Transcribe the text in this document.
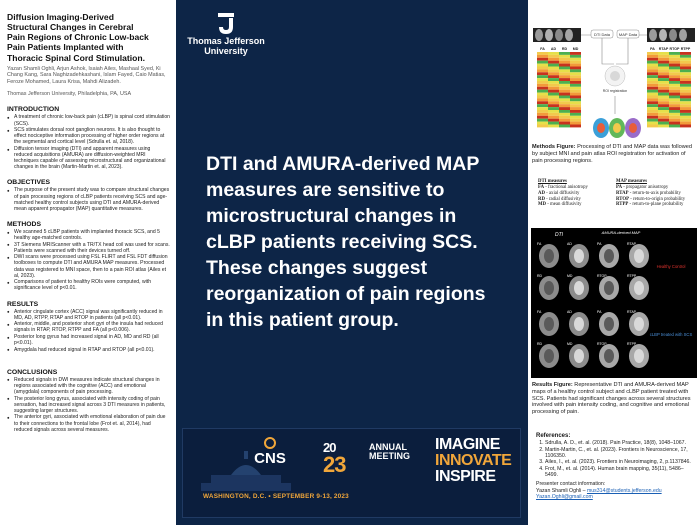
Diffusion Imaging-Derived
Structural Changes in Cerebral
Pain Regions of Chronic Low-back
Pain Patients Implanted with
Thoracic Spinal Cord Stimulation.
Yazan Shamli Oghli, Arjun Ashok, Isaiah Ailes, Mashaal Syed, Ki Chang Kang, Sara Naghizadehkashani, Islam Fayed, Caio Matias, Feroze Mohamed, Laura Krisa, Mahdi Alizadeh.
Thomas Jefferson University, Philadelphia, PA, USA
INTRODUCTION
● A treatment of chronic low-back pain (cLBP) is spinal cord stimulation (SCS).
● SCS stimulates dorsal root ganglion neurons. It is also thought to effect nociceptive information processing of higher order regions at the segmental and cortical level (Sdrulla et. al, 2018).
● Diffusion tensor imaging (DTI) and apparent measures using reduced acquisitions (AMURA) are diffusion-weighted MRI techniques capable of assessing microstructural and organizational changes in the brain (Martin-Martin et. al, 2023).
OBJECTIVES
● The purpose of the present study was to compare structural changes of pain processing regions of cLBP patients receiving SCS and age-matched healthy control subjects using DTI and AMURA-derived mean apparent propagator (MAP) quantitative measures.
METHODS
● We scanned 5 cLBP patients with implanted thoracic SCS, and 5 healthy age-matched controls.
● 3T Siemens MRIScanner with a TR/TX head coil was used for scans. Patients were scanned with their devices turned off.
● DWI scans were processed using FSL FLIRT and FSL FDT diffusion toolboxes to compute DTI and AMURA MAP measures. Processed data was registered to MNI space, then to a pain ROI atlas (Ailes et al, 2023).
● Comparisons of patient to healthy ROIs were computed, with significance level of p<0.01.
RESULTS
● Anterior cingulate cortex (ACC) signal was significantly reduced in MD, AD, RTPP, RTAP and RTOP in patients (all p<0.01).
● Anterior, middle, and posterior short gyri of the insula had reduced signals in RTAP, RTOP, RTPP and FA (all p<0.006).
● Posterior long gyrus had increased signal in AD, MD and RD (all p<0.01).
● Amygdala had reduced signal in RTAP and RTOP (all p<0.01).
CONCLUSIONS
● Reduced signals in DWI measures indicate structural changes in regions associated with the cognitive (ACC) and emotional (amygdala) components of pain processing.
● The posterior long gyrus, associated with intensity coding of pain sensation, had increased signal across 3 DTI measures in patients, suggesting larger structures.
● The anterior gyri, associated with emotional elaboration of pain due to their connections to the frontal lobe (Frot et. al, 2014), had reduced signals across several measures.
Thomas Jefferson
University
DTI and AMURA-derived MAP measures are sensitive to microstructural changes in cLBP patients receiving SCS. These changes suggest reorganization of pain regions in this patient group.
CNS
WASHINGTON, D.C. • SEPTEMBER 9-13, 2023
20
23
ANNUAL
MEETING
IMAGINE
INNOVATE
INSPIRE
DTI Data MAP Data
FA AD RD MD	PA RTAP RTOP RTPP
ROI registration
Methods Figure: Processing of DTI and MAP data was followed by subject MNI and pain atlas ROI registration for activation of pain processing regions.
DTI measures
FA - fractional anisotropy
AD - axial diffusivity
RD - radial diffusivity
MD - mean diffusivity
MAP measures
PA - propagator anisotropy
RTAP - return-to-axis probability
RTOP - return-to-origin probability
RTPP - return-to-plane probability
DTI	AMURA-derived MAP
FA	AD	PA	RTAP
RD	MD	RTOP	RTPP
FA	AD	PA	RTAP
RD	MD	RTOP	RTPP
Healthy Control
cLBP treated with SCS
Results Figure: Representative DTI and AMURA-derived MAP maps of a healthy control subject and cLBP patient treated with SCS. Patients had significant changes across several structures involved with pain intensity coding, and cognitive and emotional processing of pain.
References:
1. Sdrulla, A. D., et. al. (2018). Pain Practice, 18(8), 1048–1067.
2. Martin-Martin, C., et. al. (2023). Frontiers in Neuroscience, 17, 1106350.
3. Ailes, I., et. al. (2023). Frontiers in Neuroimaging, 2, p.1137846.
4. Frot, M., et. al. (2014). Human brain mapping, 35(11), 5486–5499.
Presenter contact information:
Yazan Shamli Oghli – mus314@students.jefferson.edu
Yazan.Oghli@gmail.com
